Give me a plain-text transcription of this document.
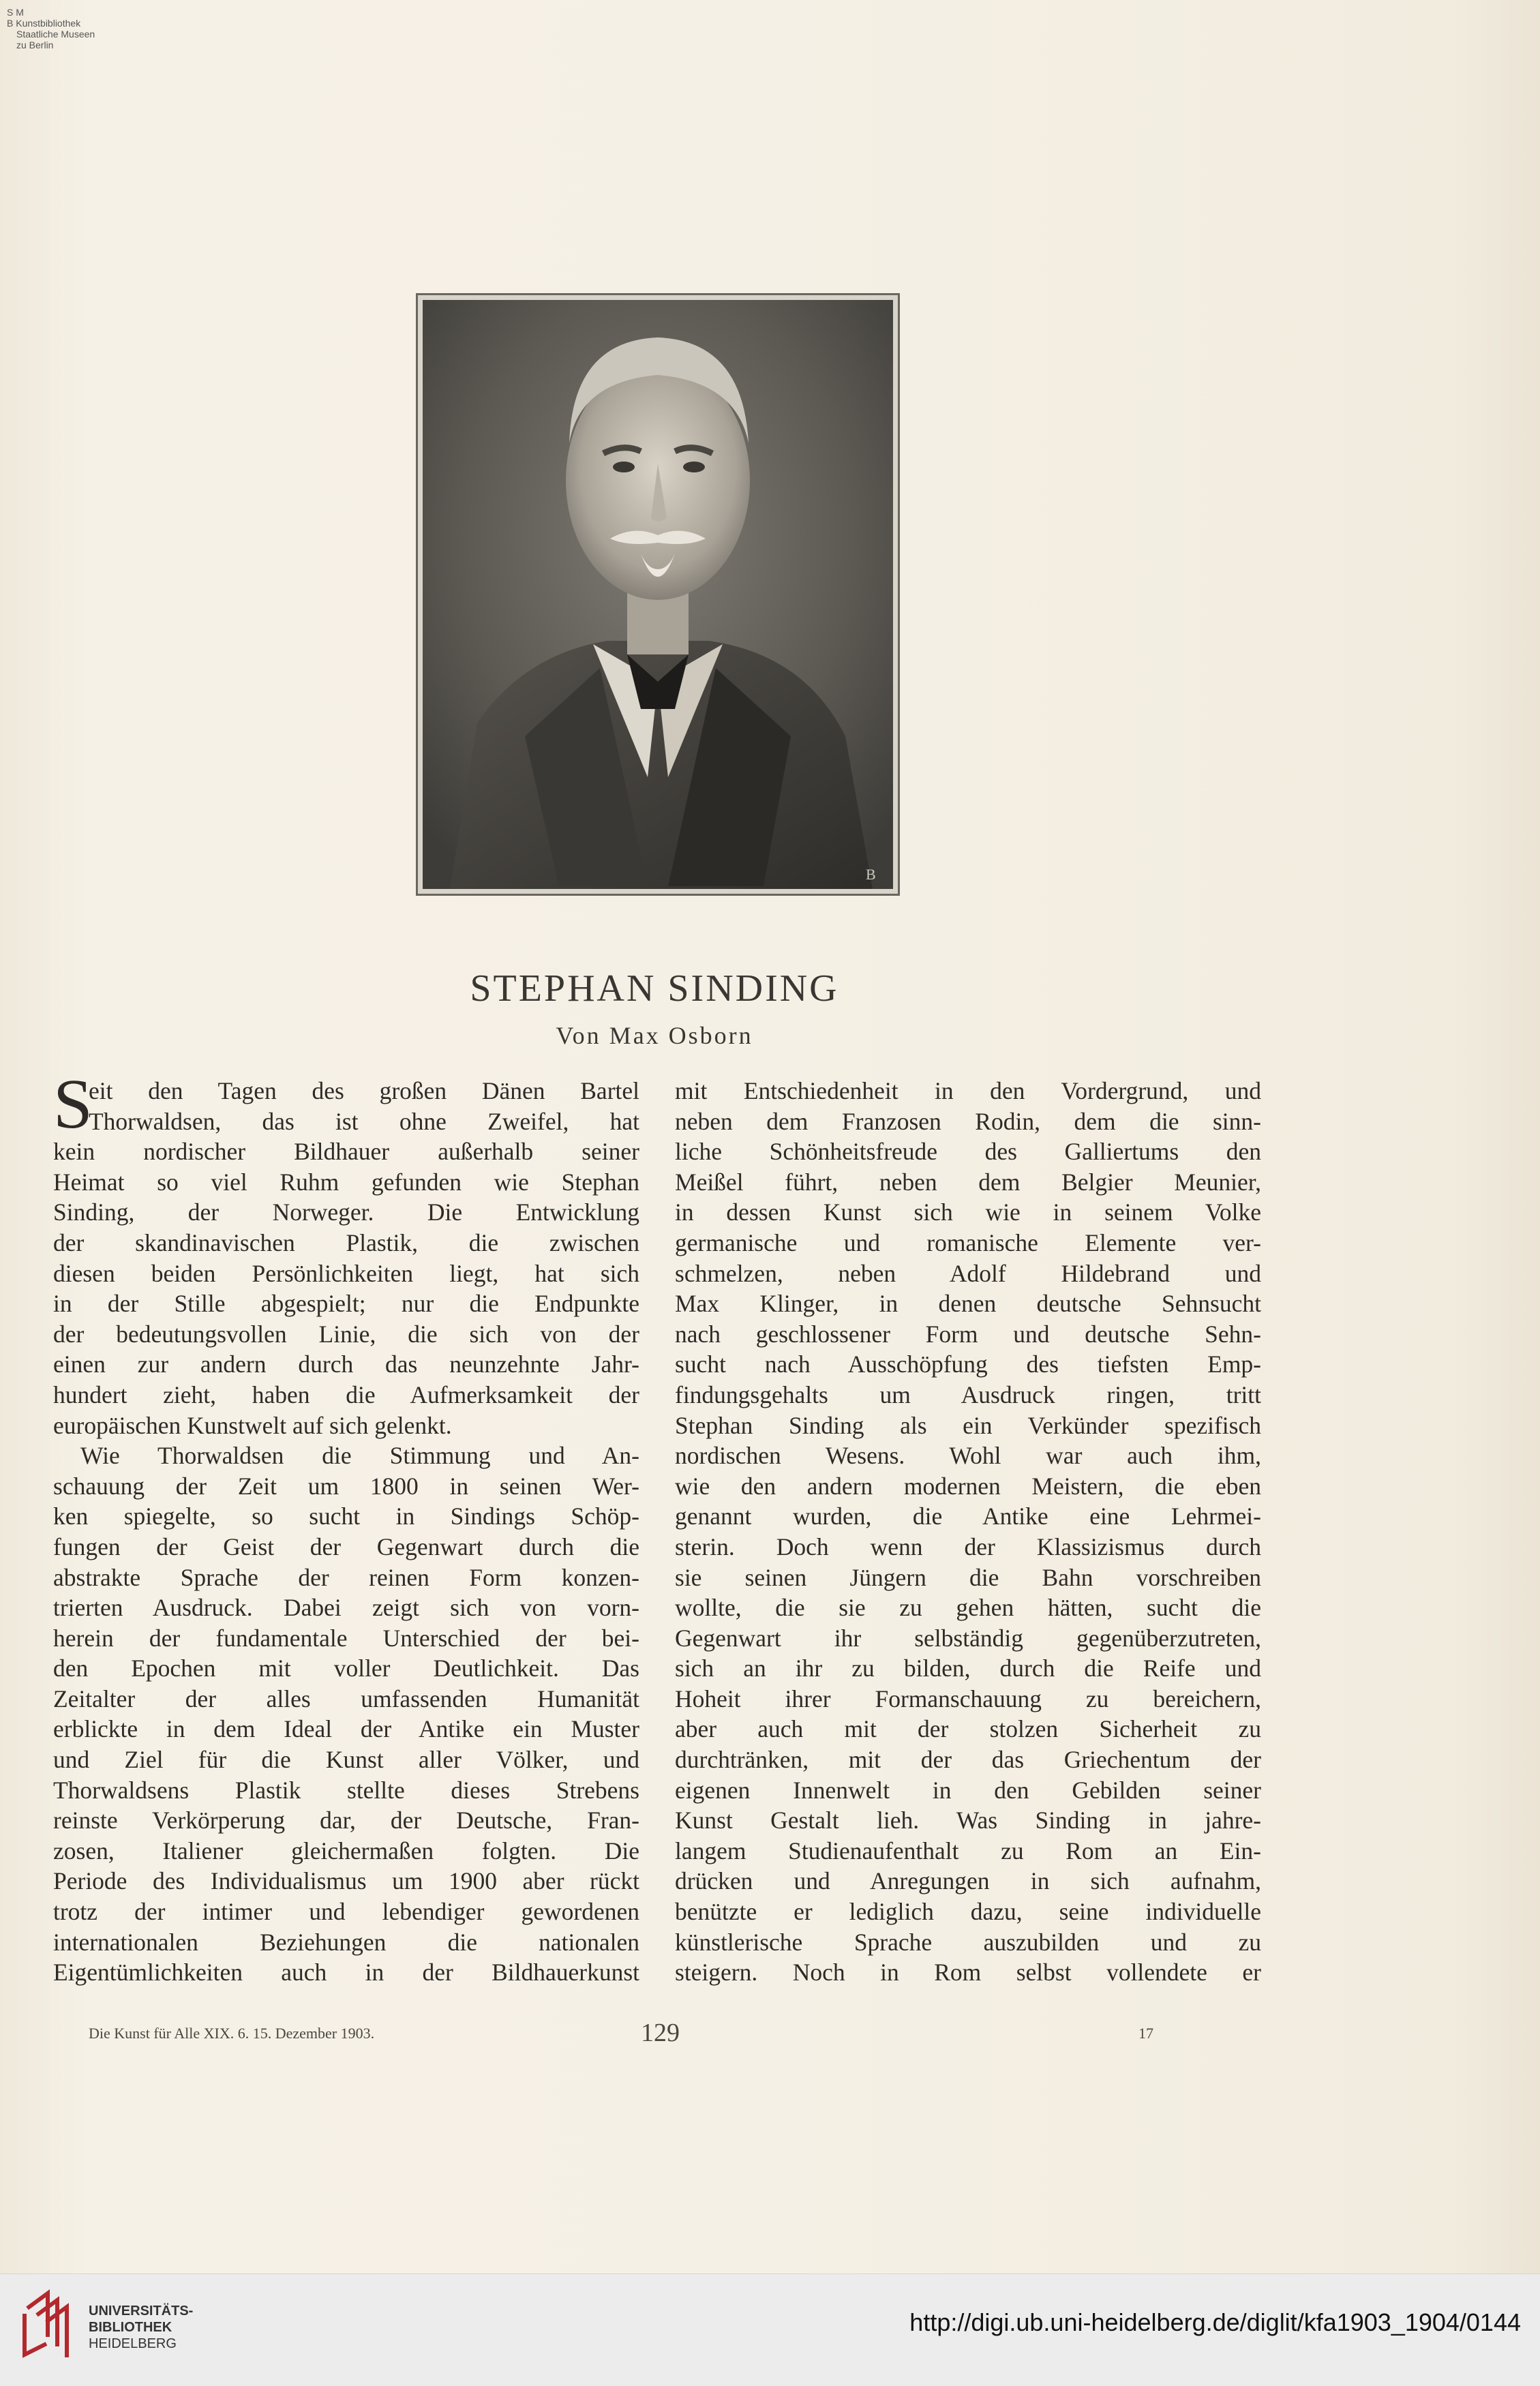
S M
B Kunstbibliothek
Staatliche Museen
zu Berlin
B
STEPHAN SINDING
Von Max Osborn
S
eit den Tagen des großen Dänen Bartel
Thorwaldsen, das ist ohne Zweifel, hat
kein nordischer Bildhauer außerhalb seiner
Heimat so viel Ruhm gefunden wie Stephan
Sinding, der Norweger. Die Entwicklung
der skandinavischen Plastik, die zwischen
diesen beiden Persönlichkeiten liegt, hat sich
in der Stille abgespielt; nur die Endpunkte
der bedeutungsvollen Linie, die sich von der
einen zur andern durch das neunzehnte Jahr-
hundert zieht, haben die Aufmerksamkeit der
europäischen Kunstwelt auf sich gelenkt.
Wie Thorwaldsen die Stimmung und An-
schauung der Zeit um 1800 in seinen Wer-
ken spiegelte, so sucht in Sindings Schöp-
fungen der Geist der Gegenwart durch die
abstrakte Sprache der reinen Form konzen-
trierten Ausdruck. Dabei zeigt sich von vorn-
herein der fundamentale Unterschied der bei-
den Epochen mit voller Deutlichkeit. Das
Zeitalter der alles umfassenden Humanität
erblickte in dem Ideal der Antike ein Muster
und Ziel für die Kunst aller Völker, und
Thorwaldsens Plastik stellte dieses Strebens
reinste Verkörperung dar, der Deutsche, Fran-
zosen, Italiener gleichermaßen folgten. Die
Periode des Individualismus um 1900 aber rückt
trotz der intimer und lebendiger gewordenen
internationalen Beziehungen die nationalen
Eigentümlichkeiten auch in der Bildhauerkunst
mit Entschiedenheit in den Vordergrund, und
neben dem Franzosen Rodin, dem die sinn-
liche Schönheitsfreude des Galliertums den
Meißel führt, neben dem Belgier Meunier,
in dessen Kunst sich wie in seinem Volke
germanische und romanische Elemente ver-
schmelzen, neben Adolf Hildebrand und
Max Klinger, in denen deutsche Sehnsucht
nach geschlossener Form und deutsche Sehn-
sucht nach Ausschöpfung des tiefsten Emp-
findungsgehalts um Ausdruck ringen, tritt
Stephan Sinding als ein Verkünder spezifisch
nordischen Wesens. Wohl war auch ihm,
wie den andern modernen Meistern, die eben
genannt wurden, die Antike eine Lehrmei-
sterin. Doch wenn der Klassizismus durch
sie seinen Jüngern die Bahn vorschreiben
wollte, die sie zu gehen hätten, sucht die
Gegenwart ihr selbständig gegenüberzutreten,
sich an ihr zu bilden, durch die Reife und
Hoheit ihrer Formanschauung zu bereichern,
aber auch mit der stolzen Sicherheit zu
durchtränken, mit der das Griechentum der
eigenen Innenwelt in den Gebilden seiner
Kunst Gestalt lieh. Was Sinding in jahre-
langem Studienaufenthalt zu Rom an Ein-
drücken und Anregungen in sich aufnahm,
benützte er lediglich dazu, seine individuelle
künstlerische Sprache auszubilden und zu
steigern. Noch in Rom selbst vollendete er
Die Kunst für Alle XIX. 6. 15. Dezember 1903.	129	17
UNIVERSITÄTS-
BIBLIOTHEK
HEIDELBERG
http://digi.ub.uni-heidelberg.de/diglit/kfa1903_1904/0144
